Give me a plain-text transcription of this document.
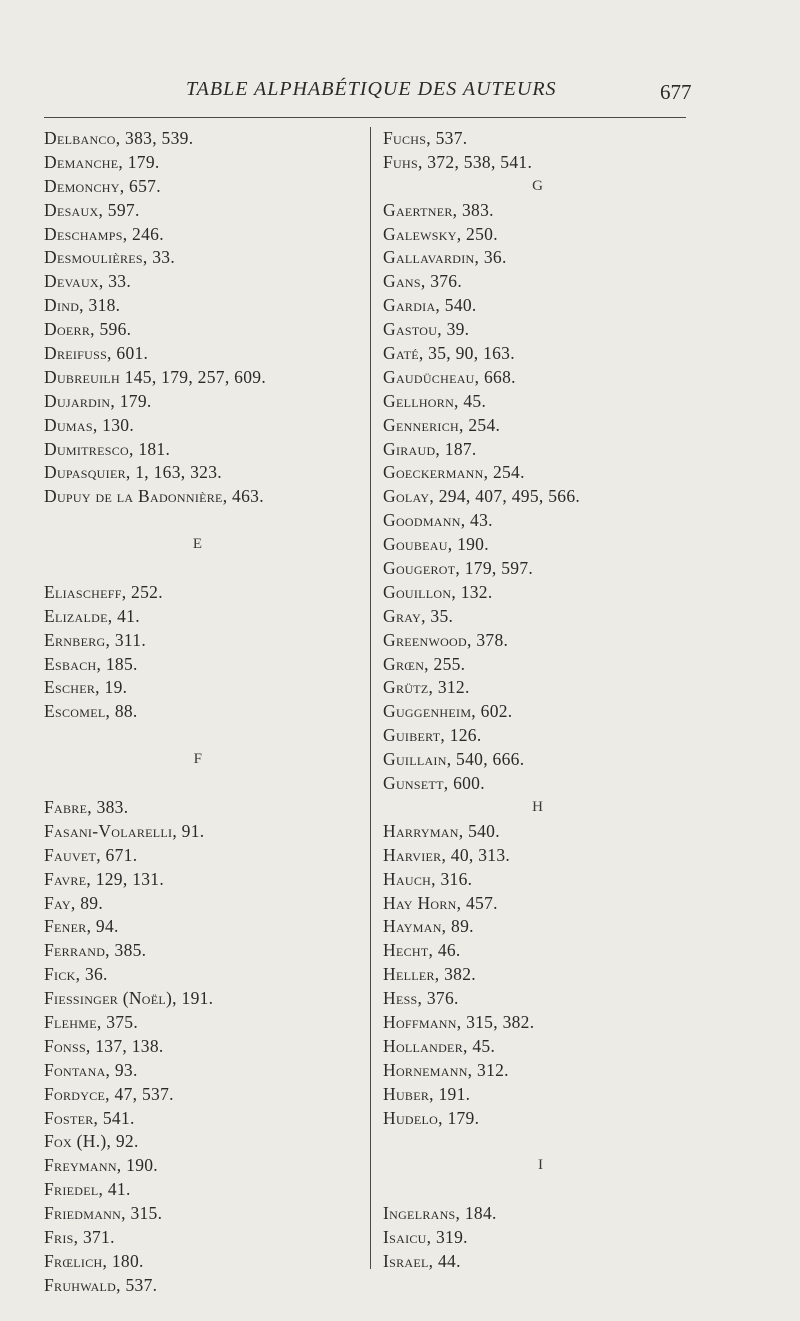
TABLE ALPHABÉTIQUE DES AUTEURS	677
Delbanco, 383, 539.
Demanche, 179.
Demonchy, 657.
Desaux, 597.
Deschamps, 246.
Desmoulières, 33.
Devaux, 33.
Dind, 318.
Doerr, 596.
Dreifuss, 601.
Dubreuilh 145, 179, 257, 609.
Dujardin, 179.
Dumas, 130.
Dumitresco, 181.
Dupasquier, 1, 163, 323.
Dupuy de la Badonnière, 463.
E
Eliascheff, 252.
Elizalde, 41.
Ernberg, 311.
Esbach, 185.
Escher, 19.
Escomel, 88.
F
Fabre, 383.
Fasani-Volarelli, 91.
Fauvet, 671.
Favre, 129, 131.
Fay, 89.
Fener, 94.
Ferrand, 385.
Fick, 36.
Fiessinger (Noël), 191.
Flehme, 375.
Fonss, 137, 138.
Fontana, 93.
Fordyce, 47, 537.
Foster, 541.
Fox (H.), 92.
Freymann, 190.
Friedel, 41.
Friedmann, 315.
Fris, 371.
Frœlich, 180.
Fruhwald, 537.
Fuchs, 537.
Fuhs, 372, 538, 541.
G
Gaertner, 383.
Galewsky, 250.
Gallavardin, 36.
Gans, 376.
Gardia, 540.
Gastou, 39.
Gaté, 35, 90, 163.
Gaudücheau, 668.
Gellhorn, 45.
Gennerich, 254.
Giraud, 187.
Goeckermann, 254.
Golay, 294, 407, 495, 566.
Goodmann, 43.
Goubeau, 190.
Gougerot, 179, 597.
Gouillon, 132.
Gray, 35.
Greenwood, 378.
Grœn, 255.
Grütz, 312.
Guggenheim, 602.
Guibert, 126.
Guillain, 540, 666.
Gunsett, 600.
H
Harryman, 540.
Harvier, 40, 313.
Hauch, 316.
Hay Horn, 457.
Hayman, 89.
Hecht, 46.
Heller, 382.
Hess, 376.
Hoffmann, 315, 382.
Hollander, 45.
Hornemann, 312.
Huber, 191.
Hudelo, 179.
I
Ingelrans, 184.
Isaicu, 319.
Israel, 44.
